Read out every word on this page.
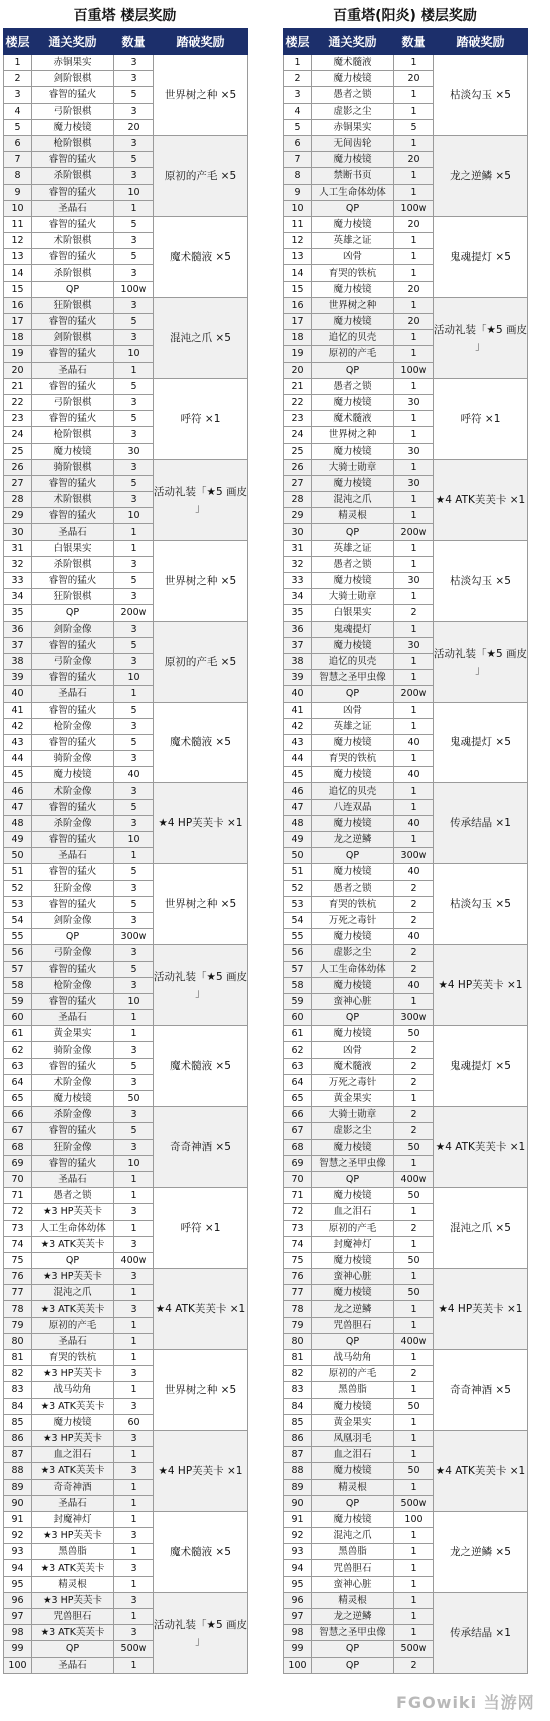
百重塔 楼层奖励
楼层	通关奖励	数量	踏破奖励
1	赤铜果实	3	世界树之种 ×5
2	剑阶银棋	3	
3	睿智的猛火	5	
4	弓阶银棋	3	
5	魔力棱镜	20	
6	枪阶银棋	3	原初的产毛 ×5
7	睿智的猛火	5	
8	杀阶银棋	3	
9	睿智的猛火	10	
10	圣晶石	1	
11	睿智的猛火	5	魔术髓液 ×5
12	术阶银棋	3	
13	睿智的猛火	5	
14	杀阶银棋	3	
15	QP	100w	
16	狂阶银棋	3	混沌之爪 ×5
17	睿智的猛火	5	
18	剑阶银棋	3	
19	睿智的猛火	10	
20	圣晶石	1	
21	睿智的猛火	5	呼符 ×1
22	弓阶银棋	3	
23	睿智的猛火	5	
24	枪阶银棋	3	
25	魔力棱镜	30	
26	骑阶银棋	3	活动礼装「★5 画皮 」
27	睿智的猛火	5	
28	术阶银棋	3	
29	睿智的猛火	10	
30	圣晶石	1	
31	白银果实	1	世界树之种 ×5
32	杀阶银棋	3	
33	睿智的猛火	5	
34	狂阶银棋	3	
35	QP	200w	
36	剑阶金像	3	原初的产毛 ×5
37	睿智的猛火	5	
38	弓阶金像	3	
39	睿智的猛火	10	
40	圣晶石	1	
41	睿智的猛火	5	魔术髓液 ×5
42	枪阶金像	3	
43	睿智的猛火	5	
44	骑阶金像	3	
45	魔力棱镜	40	
46	术阶金像	3	★4 HP芙芙卡 ×1
47	睿智的猛火	5	
48	杀阶金像	3	
49	睿智的猛火	10	
50	圣晶石	1	
51	睿智的猛火	5	世界树之种 ×5
52	狂阶金像	3	
53	睿智的猛火	5	
54	剑阶金像	3	
55	QP	300w	
56	弓阶金像	3	活动礼装「★5 画皮 」
57	睿智的猛火	5	
58	枪阶金像	3	
59	睿智的猛火	10	
60	圣晶石	1	
61	黄金果实	1	魔术髓液 ×5
62	骑阶金像	3	
63	睿智的猛火	5	
64	术阶金像	3	
65	魔力棱镜	50	
66	杀阶金像	3	奇奇神酒 ×5
67	睿智的猛火	5	
68	狂阶金像	3	
69	睿智的猛火	10	
70	圣晶石	1	
71	愚者之锁	1	呼符 ×1
72	★3 HP芙芙卡	3	
73	人工生命体幼体	1	
74	★3 ATK芙芙卡	3	
75	QP	400w	
76	★3 HP芙芙卡	3	★4 ATK芙芙卡 ×1
77	混沌之爪	1	
78	★3 ATK芙芙卡	3	
79	原初的产毛	1	
80	圣晶石	1	
81	育哭的铁杭	1	世界树之种 ×5
82	★3 HP芙芙卡	3	
83	战马幼角	1	
84	★3 ATK芙芙卡	3	
85	魔力棱镜	60	
86	★3 HP芙芙卡	3	★4 HP芙芙卡 ×1
87	血之泪石	1	
88	★3 ATK芙芙卡	3	
89	奇奇神酒	1	
90	圣晶石	1	
91	封魔神灯	1	魔术髓液 ×5
92	★3 HP芙芙卡	3	
93	黑兽脂	1	
94	★3 ATK芙芙卡	3	
95	精灵根	1	
96	★3 HP芙芙卡	3	活动礼装「★5 画皮 」
97	咒兽胆石	1	
98	★3 ATK芙芙卡	3	
99	QP	500w	
100	圣晶石	1	
百重塔(阳炎) 楼层奖励
楼层	通关奖励	数量	踏破奖励
1	魔术髓液	1	枯淡勾玉 ×5
2	魔力棱镜	20	
3	愚者之锁	1	
4	虚影之尘	1	
5	赤铜果实	5	
6	无间齿轮	1	龙之逆鳞 ×5
7	魔力棱镜	20	
8	禁断书页	1	
9	人工生命体幼体	1	
10	QP	100w	
11	魔力棱镜	20	鬼魂提灯 ×5
12	英雄之证	1	
13	凶骨	1	
14	育哭的铁杭	1	
15	魔力棱镜	20	
16	世界树之种	1	活动礼装「★5 画皮 」
17	魔力棱镜	20	
18	追忆的贝壳	1	
19	原初的产毛	1	
20	QP	100w	
21	愚者之锁	1	呼符 ×1
22	魔力棱镜	30	
23	魔术髓液	1	
24	世界树之种	1	
25	魔力棱镜	30	
26	大骑士勋章	1	★4 ATK芙芙卡 ×1
27	魔力棱镜	30	
28	混沌之爪	1	
29	精灵根	1	
30	QP	200w	
31	英雄之证	1	枯淡勾玉 ×5
32	愚者之锁	1	
33	魔力棱镜	30	
34	大骑士勋章	1	
35	白银果实	2	
36	鬼魂提灯	1	活动礼装「★5 画皮 」
37	魔力棱镜	30	
38	追忆的贝壳	1	
39	智慧之圣甲虫像	1	
40	QP	200w	
41	凶骨	1	鬼魂提灯 ×5
42	英雄之证	1	
43	魔力棱镜	40	
44	育哭的铁杭	1	
45	魔力棱镜	40	
46	追忆的贝壳	1	传承结晶 ×1
47	八连双晶	1	
48	魔力棱镜	40	
49	龙之逆鳞	1	
50	QP	300w	
51	魔力棱镜	40	枯淡勾玉 ×5
52	愚者之锁	2	
53	育哭的铁杭	2	
54	万死之毒针	2	
55	魔力棱镜	40	
56	虚影之尘	2	★4 HP芙芙卡 ×1
57	人工生命体幼体	2	
58	魔力棱镜	40	
59	蛮神心脏	1	
60	QP	300w	
61	魔力棱镜	50	鬼魂提灯 ×5
62	凶骨	2	
63	魔术髓液	2	
64	万死之毒针	2	
65	黄金果实	1	
66	大骑士勋章	2	★4 ATK芙芙卡 ×1
67	虚影之尘	2	
68	魔力棱镜	50	
69	智慧之圣甲虫像	1	
70	QP	400w	
71	魔力棱镜	50	混沌之爪 ×5
72	血之泪石	1	
73	原初的产毛	2	
74	封魔神灯	1	
75	魔力棱镜	50	
76	蛮神心脏	1	★4 HP芙芙卡 ×1
77	魔力棱镜	50	
78	龙之逆鳞	1	
79	咒兽胆石	1	
80	QP	400w	
81	战马幼角	1	奇奇神酒 ×5
82	原初的产毛	2	
83	黑兽脂	1	
84	魔力棱镜	50	
85	黄金果实	1	
86	凤凰羽毛	1	★4 ATK芙芙卡 ×1
87	血之泪石	1	
88	魔力棱镜	50	
89	精灵根	1	
90	QP	500w	
91	魔力棱镜	100	龙之逆鳞 ×5
92	混沌之爪	1	
93	黑兽脂	1	
94	咒兽胆石	1	
95	蛮神心脏	1	
96	精灵根	1	传承结晶 ×1
97	龙之逆鳞	1	
98	智慧之圣甲虫像	1	
99	QP	500w	
100	QP	2	
FGOwiki 当游网
